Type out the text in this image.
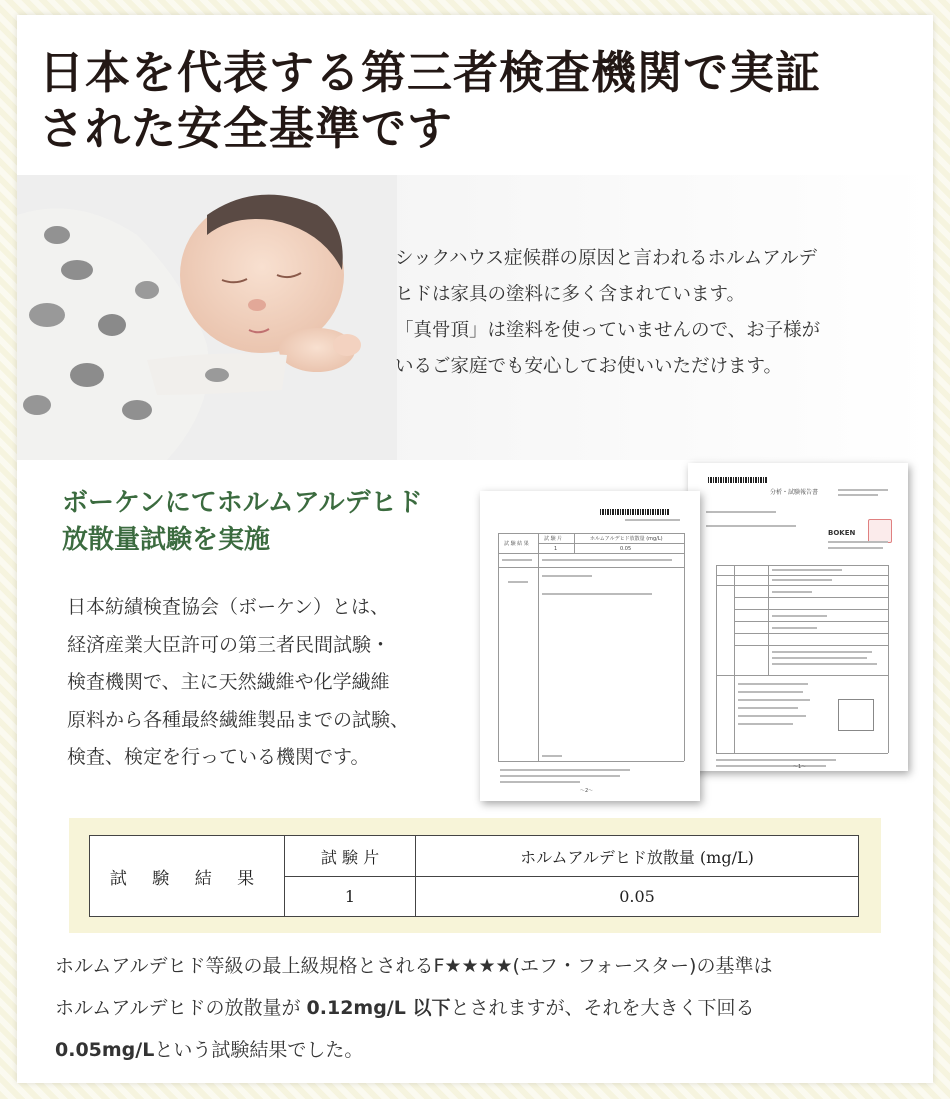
日本を代表する第三者検査機関で実証
された安全基準です

シックハウス症候群の原因と言われるホルムアルデ
ヒドは家具の塗料に多く含まれています。

「真骨頂」は塗料を使っていませんので、お子様が
いるご家庭でも安心してお使いいただけます。

ボーケンにてホルムアルデヒド
放散量試験を実施

日本紡績検査協会（ボーケン）とは、
経済産業大臣許可の第三者民間試験・
検査機関で、主に天然繊維や化学繊維
原料から各種最終繊維製品までの試験、
検査、検定を行っている機関です。

分析・試験報告書
BOKEN
〜1〜
試 験 結 果
試 験 片	ホルムアルデヒド放散量 (mg/L)
1	0.05
〜2〜
試 験 結 果	試 験 片	ホルムアルデヒド放散量 (mg/L)
	1	0.05

ホルムアルデヒド等級の最上級規格とされるF★★★★(エフ・フォースター)の基準は
ホルムアルデヒドの放散量が 0.12mg/L 以下とされますが、それを大きく下回る
0.05mg/Lという試験結果でした。
